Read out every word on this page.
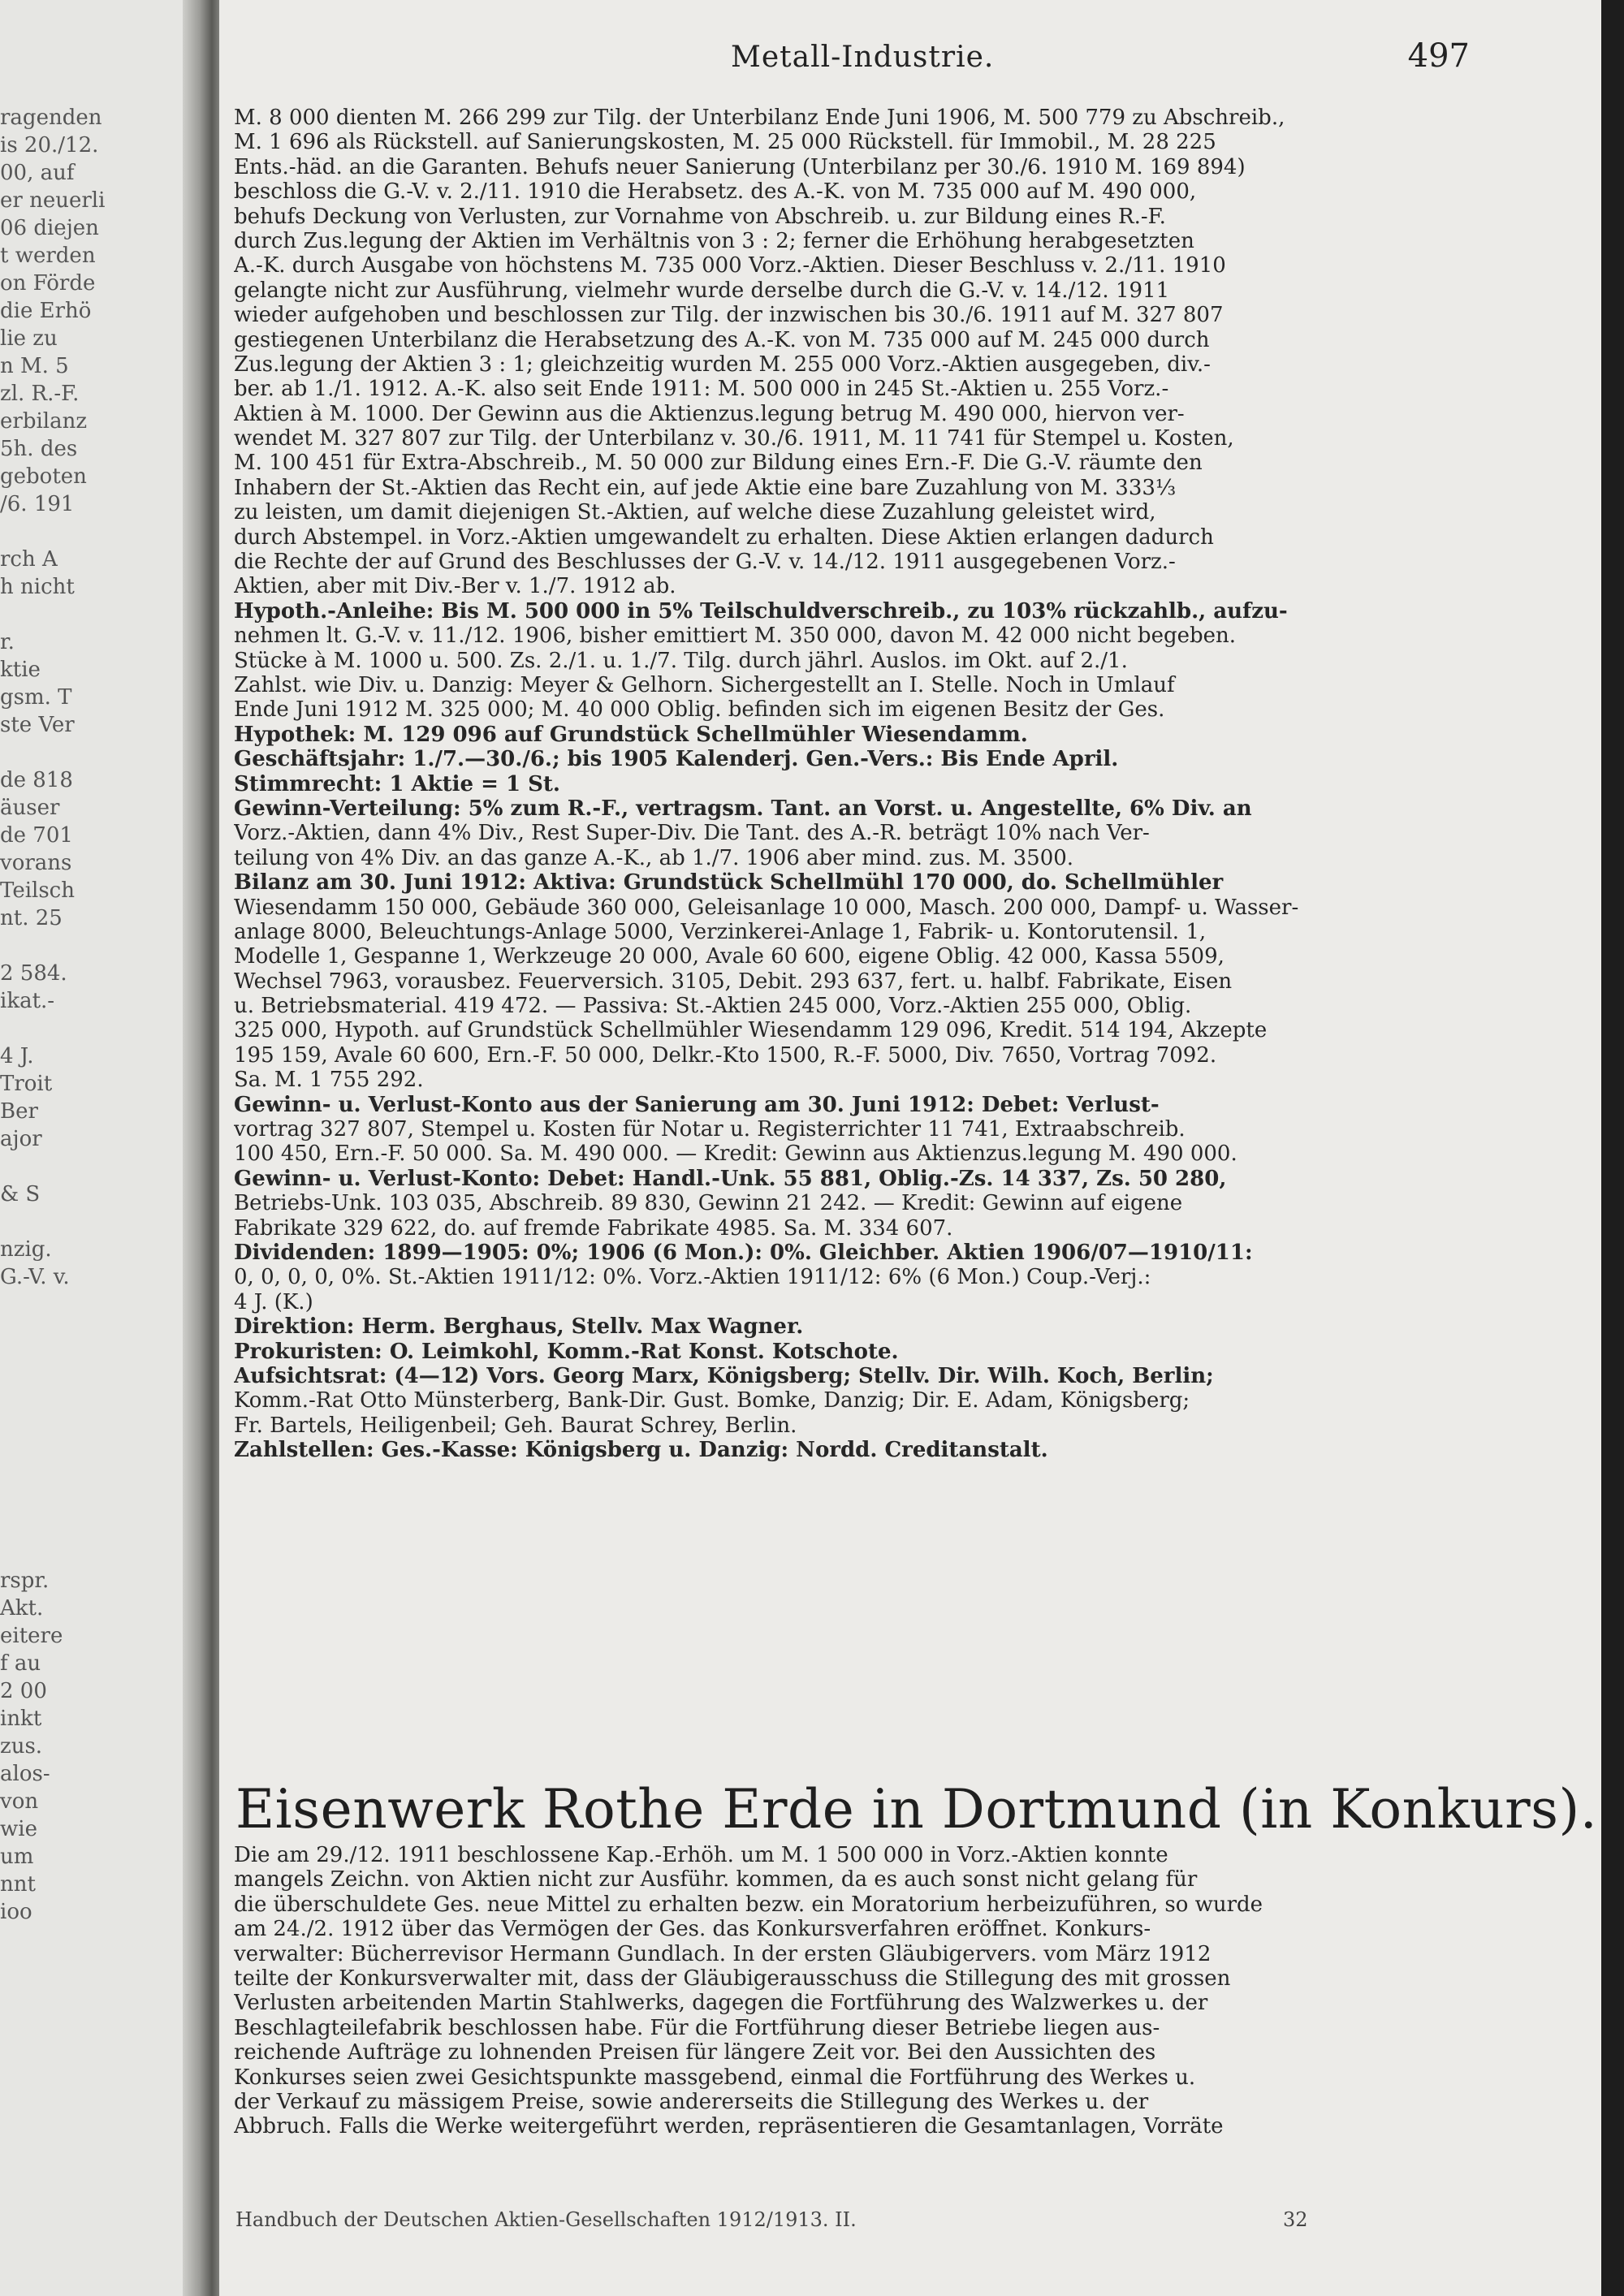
ragenden
is 20./12.
00, auf
er neuerli
06 diejen
t werden
on Förde
die Erhö
lie zu
n M. 5
zl. R.-F.
erbilanz
5h. des
geboten
/6. 191
rch A
h nicht
r.
ktie
gsm. T
ste Ver
de 818
äuser
de 701
vorans
Teilsch
nt. 25
2 584.
ikat.-
4 J.
Troit
Ber
ajor
& S
nzig.
G.-V. v.
rspr.
Akt.
eitere
f au
2 00
inkt
zus.
alos-
von
wie
um
nnt
ioo
Metall-Industrie.	497
M. 8 000 dienten M. 266 299 zur Tilg. der Unterbilanz Ende Juni 1906, M. 500 779 zu Abschreib.,
M. 1 696 als Rückstell. auf Sanierungskosten, M. 25 000 Rückstell. für Immobil., M. 28 225
Ents.-häd. an die Garanten. Behufs neuer Sanierung (Unterbilanz per 30./6. 1910 M. 169 894)
beschloss die G.-V. v. 2./11. 1910 die Herabsetz. des A.-K. von M. 735 000 auf M. 490 000,
behufs Deckung von Verlusten, zur Vornahme von Abschreib. u. zur Bildung eines R.-F.
durch Zus.legung der Aktien im Verhältnis von 3 : 2; ferner die Erhöhung herabgesetzten
A.-K. durch Ausgabe von höchstens M. 735 000 Vorz.-Aktien. Dieser Beschluss v. 2./11. 1910
gelangte nicht zur Ausführung, vielmehr wurde derselbe durch die G.-V. v. 14./12. 1911
wieder aufgehoben und beschlossen zur Tilg. der inzwischen bis 30./6. 1911 auf M. 327 807
gestiegenen Unterbilanz die Herabsetzung des A.-K. von M. 735 000 auf M. 245 000 durch
Zus.legung der Aktien 3 : 1; gleichzeitig wurden M. 255 000 Vorz.-Aktien ausgegeben, div.-
ber. ab 1./1. 1912. A.-K. also seit Ende 1911: M. 500 000 in 245 St.-Aktien u. 255 Vorz.-
Aktien à M. 1000. Der Gewinn aus die Aktienzus.legung betrug M. 490 000, hiervon ver-
wendet M. 327 807 zur Tilg. der Unterbilanz v. 30./6. 1911, M. 11 741 für Stempel u. Kosten,
M. 100 451 für Extra-Abschreib., M. 50 000 zur Bildung eines Ern.-F. Die G.-V. räumte den
Inhabern der St.-Aktien das Recht ein, auf jede Aktie eine bare Zuzahlung von M. 333⅓
zu leisten, um damit diejenigen St.-Aktien, auf welche diese Zuzahlung geleistet wird,
durch Abstempel. in Vorz.-Aktien umgewandelt zu erhalten. Diese Aktien erlangen dadurch
die Rechte der auf Grund des Beschlusses der G.-V. v. 14./12. 1911 ausgegebenen Vorz.-
Aktien, aber mit Div.-Ber v. 1./7. 1912 ab.
Hypoth.-Anleihe: Bis M. 500 000 in 5% Teilschuldverschreib., zu 103% rückzahlb., aufzu-
nehmen lt. G.-V. v. 11./12. 1906, bisher emittiert M. 350 000, davon M. 42 000 nicht begeben.
Stücke à M. 1000 u. 500. Zs. 2./1. u. 1./7. Tilg. durch jährl. Auslos. im Okt. auf 2./1.
Zahlst. wie Div. u. Danzig: Meyer & Gelhorn. Sichergestellt an I. Stelle. Noch in Umlauf
Ende Juni 1912 M. 325 000; M. 40 000 Oblig. befinden sich im eigenen Besitz der Ges.
Hypothek: M. 129 096 auf Grundstück Schellmühler Wiesendamm.
Geschäftsjahr: 1./7.—30./6.; bis 1905 Kalenderj. Gen.-Vers.: Bis Ende April.
Stimmrecht: 1 Aktie = 1 St.
Gewinn-Verteilung: 5% zum R.-F., vertragsm. Tant. an Vorst. u. Angestellte, 6% Div. an
Vorz.-Aktien, dann 4% Div., Rest Super-Div. Die Tant. des A.-R. beträgt 10% nach Ver-
teilung von 4% Div. an das ganze A.-K., ab 1./7. 1906 aber mind. zus. M. 3500.
Bilanz am 30. Juni 1912: Aktiva: Grundstück Schellmühl 170 000, do. Schellmühler
Wiesendamm 150 000, Gebäude 360 000, Geleisanlage 10 000, Masch. 200 000, Dampf- u. Wasser-
anlage 8000, Beleuchtungs-Anlage 5000, Verzinkerei-Anlage 1, Fabrik- u. Kontorutensil. 1,
Modelle 1, Gespanne 1, Werkzeuge 20 000, Avale 60 600, eigene Oblig. 42 000, Kassa 5509,
Wechsel 7963, vorausbez. Feuerversich. 3105, Debit. 293 637, fert. u. halbf. Fabrikate, Eisen
u. Betriebsmaterial. 419 472. — Passiva: St.-Aktien 245 000, Vorz.-Aktien 255 000, Oblig.
325 000, Hypoth. auf Grundstück Schellmühler Wiesendamm 129 096, Kredit. 514 194, Akzepte
195 159, Avale 60 600, Ern.-F. 50 000, Delkr.-Kto 1500, R.-F. 5000, Div. 7650, Vortrag 7092.
Sa. M. 1 755 292.
Gewinn- u. Verlust-Konto aus der Sanierung am 30. Juni 1912: Debet: Verlust-
vortrag 327 807, Stempel u. Kosten für Notar u. Registerrichter 11 741, Extraabschreib.
100 450, Ern.-F. 50 000. Sa. M. 490 000. — Kredit: Gewinn aus Aktienzus.legung M. 490 000.
Gewinn- u. Verlust-Konto: Debet: Handl.-Unk. 55 881, Oblig.-Zs. 14 337, Zs. 50 280,
Betriebs-Unk. 103 035, Abschreib. 89 830, Gewinn 21 242. — Kredit: Gewinn auf eigene
Fabrikate 329 622, do. auf fremde Fabrikate 4985. Sa. M. 334 607.
Dividenden: 1899—1905: 0%; 1906 (6 Mon.): 0%. Gleichber. Aktien 1906/07—1910/11:
0, 0, 0, 0, 0%. St.-Aktien 1911/12: 0%. Vorz.-Aktien 1911/12: 6% (6 Mon.) Coup.-Verj.:
4 J. (K.)
Direktion: Herm. Berghaus, Stellv. Max Wagner.
Prokuristen: O. Leimkohl, Komm.-Rat Konst. Kotschote.
Aufsichtsrat: (4—12) Vors. Georg Marx, Königsberg; Stellv. Dir. Wilh. Koch, Berlin;
Komm.-Rat Otto Münsterberg, Bank-Dir. Gust. Bomke, Danzig; Dir. E. Adam, Königsberg;
Fr. Bartels, Heiligenbeil; Geh. Baurat Schrey, Berlin.
Zahlstellen: Ges.-Kasse: Königsberg u. Danzig: Nordd. Creditanstalt.
Eisenwerk Rothe Erde in Dortmund (in Konkurs).
Die am 29./12. 1911 beschlossene Kap.-Erhöh. um M. 1 500 000 in Vorz.-Aktien konnte
mangels Zeichn. von Aktien nicht zur Ausführ. kommen, da es auch sonst nicht gelang für
die überschuldete Ges. neue Mittel zu erhalten bezw. ein Moratorium herbeizuführen, so wurde
am 24./2. 1912 über das Vermögen der Ges. das Konkursverfahren eröffnet. Konkurs-
verwalter: Bücherrevisor Hermann Gundlach. In der ersten Gläubigervers. vom März 1912
teilte der Konkursverwalter mit, dass der Gläubigerausschuss die Stillegung des mit grossen
Verlusten arbeitenden Martin Stahlwerks, dagegen die Fortführung des Walzwerkes u. der
Beschlagteilefabrik beschlossen habe. Für die Fortführung dieser Betriebe liegen aus-
reichende Aufträge zu lohnenden Preisen für längere Zeit vor. Bei den Aussichten des
Konkurses seien zwei Gesichtspunkte massgebend, einmal die Fortführung des Werkes u.
der Verkauf zu mässigem Preise, sowie andererseits die Stillegung des Werkes u. der
Abbruch. Falls die Werke weitergeführt werden, repräsentieren die Gesamtanlagen, Vorräte
Handbuch der Deutschen Aktien-Gesellschaften 1912/1913. II.	32
